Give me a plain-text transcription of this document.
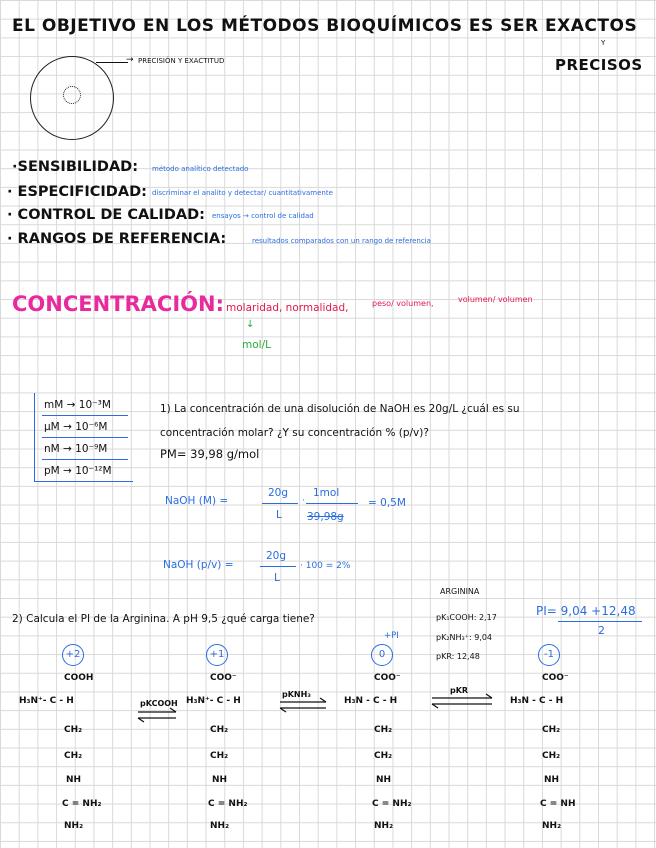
EL OBJETIVO EN LOS MÉTODOS BIOQUÍMICOS ES SER EXACTOS
Y
PRECISOS
→ PRECISIÓN Y EXACTITUD
·SENSIBILIDAD: método analítico detectado
· ESPECIFICIDAD: discriminar el analito y detectar/ cuantitativamente
· CONTROL DE CALIDAD: ensayos → control de calidad
· RANGOS DE REFERENCIA:	resultados comparados con un rango de referencia
CONCENTRACIÓN: molaridad, normalidad,	peso/ volumen,	volumen/ volumen
↓
mol/L
mM → 10⁻³M
μM → 10⁻⁶M
nM → 10⁻⁹M
pM → 10⁻¹²M
1) La concentración de una disolución de NaOH es 20g/L ¿cuál es su
concentración molar? ¿Y su concentración % (p/v)?
PM= 39,98 g/mol
NaOH (M) =
20g
L
·
1mol
39,98g
= 0,5M
NaOH (p/v) =
20g
L
· 100 = 2%
ARGININA
pK₁COOH: 2,17
pK₂NH₃⁺: 9,04
pKR: 12,48
PI= 9,04 +12,48
2
2) Calcula el PI de la Arginina. A pH 9,5 ¿qué carga tiene?
+PI
+2
COOH
H₃N⁺- C - H
CH₂
CH₂
NH
C = NH₂
NH₂
+1
COO⁻
H₃N⁺- C - H
CH₂
CH₂
NH
C = NH₂
NH₂
0
COO⁻
H₃N - C - H
CH₂
CH₂
NH
C = NH₂
NH₂
-1
COO⁻
H₃N - C - H
CH₂
CH₂
NH
C = NH
NH₂
pKCOOH
pKNH₃	pKR
